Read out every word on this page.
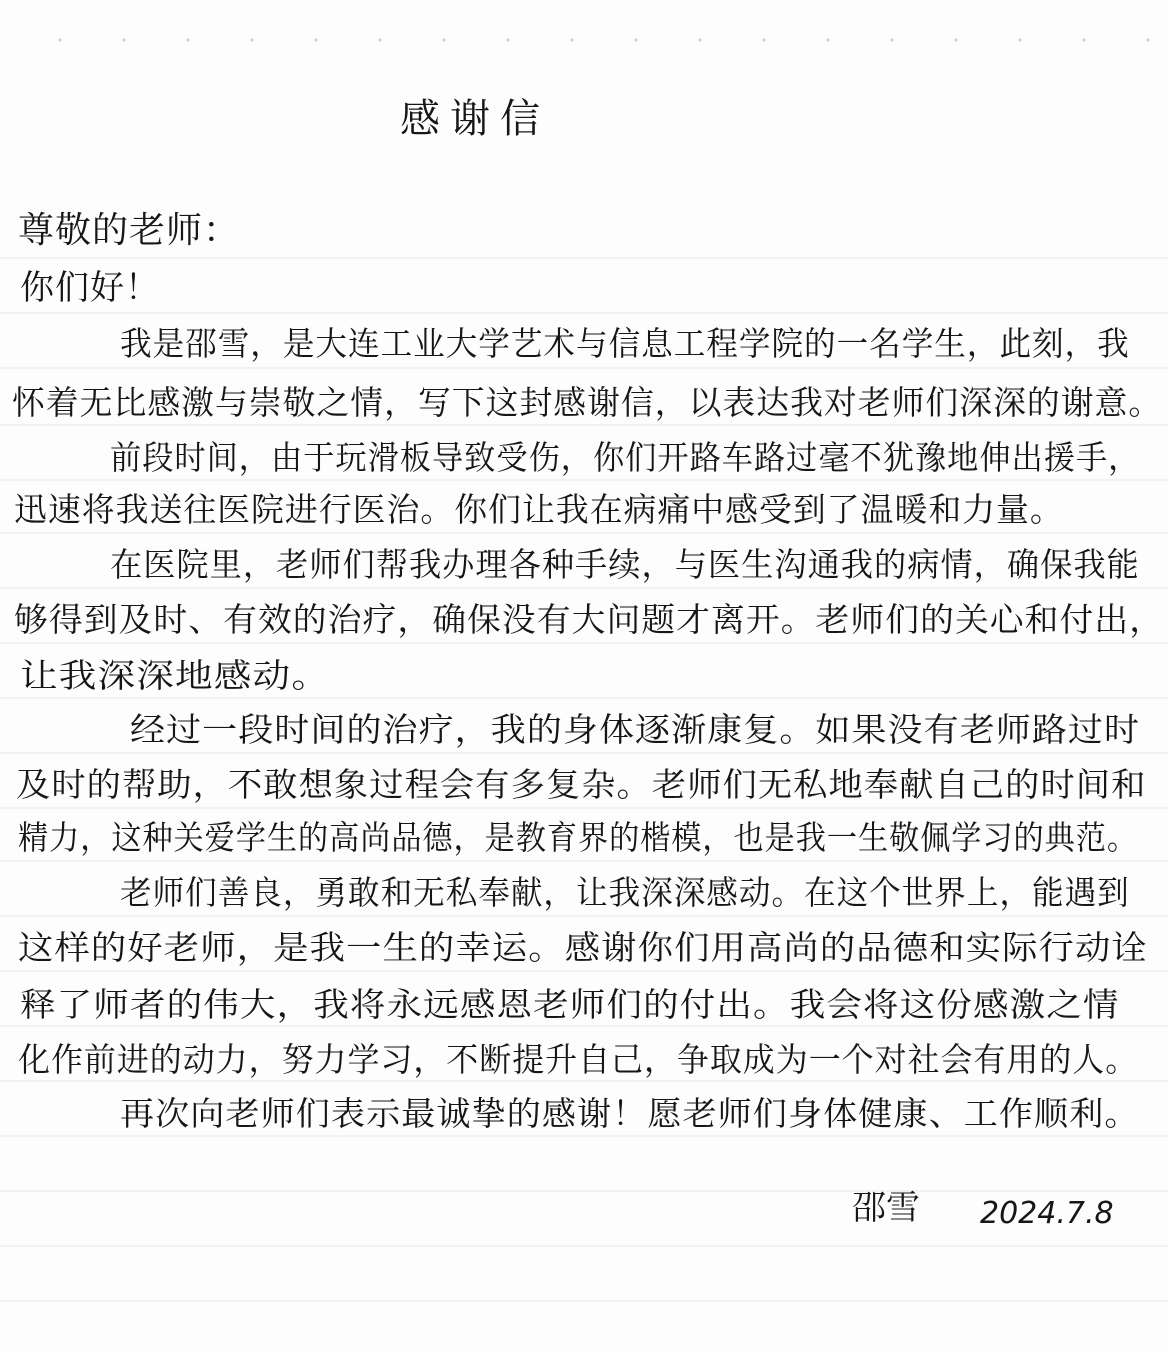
感谢信
尊敬的老师：
你们好！
我是邵雪，是大连工业大学艺术与信息工程学院的一名学生，此刻，我
怀着无比感激与崇敬之情，写下这封感谢信，以表达我对老师们深深的谢意。
前段时间，由于玩滑板导致受伤，你们开路车路过毫不犹豫地伸出援手，
迅速将我送往医院进行医治。你们让我在病痛中感受到了温暖和力量。
在医院里，老师们帮我办理各种手续，与医生沟通我的病情，确保我能
够得到及时、有效的治疗，确保没有大问题才离开。老师们的关心和付出，
让我深深地感动。
经过一段时间的治疗，我的身体逐渐康复。如果没有老师路过时
及时的帮助，不敢想象过程会有多复杂。老师们无私地奉献自己的时间和
精力，这种关爱学生的高尚品德，是教育界的楷模，也是我一生敬佩学习的典范。
老师们善良，勇敢和无私奉献，让我深深感动。在这个世界上，能遇到
这样的好老师，是我一生的幸运。感谢你们用高尚的品德和实际行动诠
释了师者的伟大，我将永远感恩老师们的付出。我会将这份感激之情
化作前进的动力，努力学习，不断提升自己，争取成为一个对社会有用的人。
再次向老师们表示最诚挚的感谢！愿老师们身体健康、工作顺利。
邵雪 2024.7.8
